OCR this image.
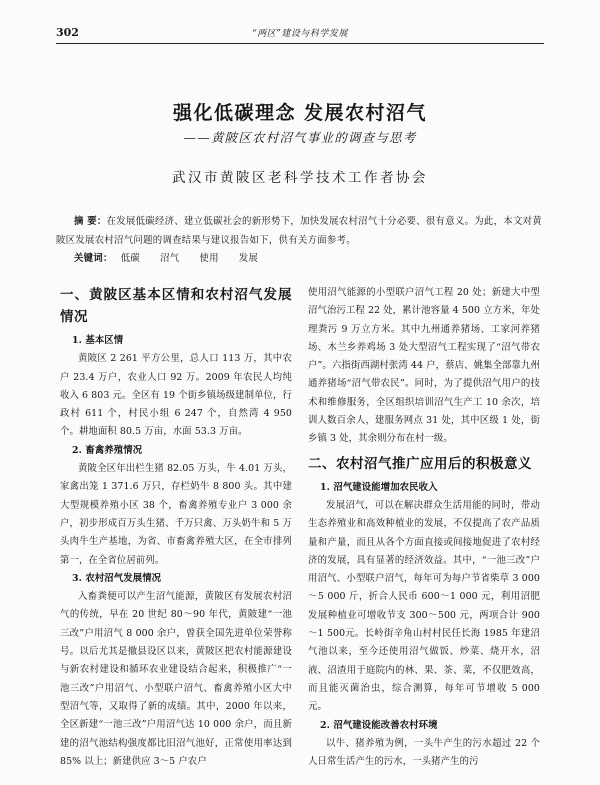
302	“两区”建设与科学发展
强化低碳理念 发展农村沼气
——黄陂区农村沼气事业的调查与思考
武汉市黄陂区老科学技术工作者协会
摘 要：在发展低碳经济、建立低碳社会的新形势下，加快发展农村沼气十分必要、很有意义。为此，本文对黄陂区发展农村沼气问题的调查结果与建议报告如下，供有关方面参考。
关键词： 低碳 沼气 使用 发展
一、黄陂区基本区情和农村沼气发展情况
1. 基本区情

黄陂区 2 261 平方公里，总人口 113 万，其中农户 23.4 万户，农业人口 92 万。2009 年农民人均纯收入 6 803 元。全区有 19 个街乡镇场级建制单位，行政村 611 个，村民小组 6 247 个，自然湾 4 950 个。耕地面积 80.5 万亩，水面 53.3 万亩。

2. 畜禽养殖情况

黄陂全区年出栏生猪 82.05 万头，牛 4.01 万头，家禽出笼 1 371.6 万只，存栏奶牛 8 800 头。其中建大型规模养殖小区 38 个，畜禽养殖专业户 3 000 余户，初步形成百万头生猪、千万只禽、万头奶牛和 5 万头肉牛生产基地，为省、市畜禽养殖大区，在全市排列第一，在全省位居前列。

3. 农村沼气发展情况

入畜粪便可以产生沼气能源，黄陂区有发展农村沼气的传统，早在 20 世纪 80～90 年代，黄陂建“一池三改”户用沼气 8 000 余户，曾获全国先进单位荣誉称号。以后尤其是撤县设区以来，黄陂区把农村能源建设与新农村建设和循环农业建设结合起来，积极推广“一池三改”户用沼气、小型联户沼气、畜禽养殖小区大中型沼气等，又取得了新的成绩。其中，2000 年以来，全区新建“一池三改”户用沼气达 10 000 余户，而且新建的沼气池结构强度都比旧沼气池好，正常使用率达到 85% 以上；新建供应 3～5 户农户

使用沼气能源的小型联户沼气工程 20 处；新建大中型沼气治污工程 22 处，累计池容量 4 500 立方米，年处理粪污 9 万立方米。其中九州通养猪场、工家河养猪场、木兰乡养鸡场 3 处大型沼气工程实现了“沼气带农户”。六指街西湖村张湾 44 户，蔡店、姚集全部靠九州通养猪场“沼气带农民”。同时，为了提供沼气用户的技术和维修服务，全区组织培训沼气生产工 10 余次，培训人数百余人，建服务网点 31 处，其中区级 1 处，街乡镇 3 处，其余则分布在村一级。

二、农村沼气推广应用后的积极意义
1. 沼气建设能增加农民收入

发展沼气，可以在解决群众生活用能的同时，带动生态养殖业和高效种植业的发展，不仅提高了农产品质量和产量，而且从各个方面直接或间接地促进了农村经济的发展，具有显著的经济效益。其中，“一池三改”户用沼气、小型联户沼气，每年可为每户节省柴草 3 000～5 000 斤，折合人民币 600～1 000 元，利用沼肥发展种植业可增收节支 300～500 元，两项合计 900～1 500元。长岭街辛角山村村民任长海 1985 年建沼气池以来，至今还使用沼气做饭、炒菜、烧开水，沼液、沼渣用于庭院内的林、果、茶、菜，不仅肥效高，而且能灭菌治虫，综合测算，每年可节增收 5 000 元。

2. 沼气建设能改善农村环境

以牛、猪养殖为例，一头牛产生的污水超过 22 个人日常生活产生的污水，一头猪产生的污
